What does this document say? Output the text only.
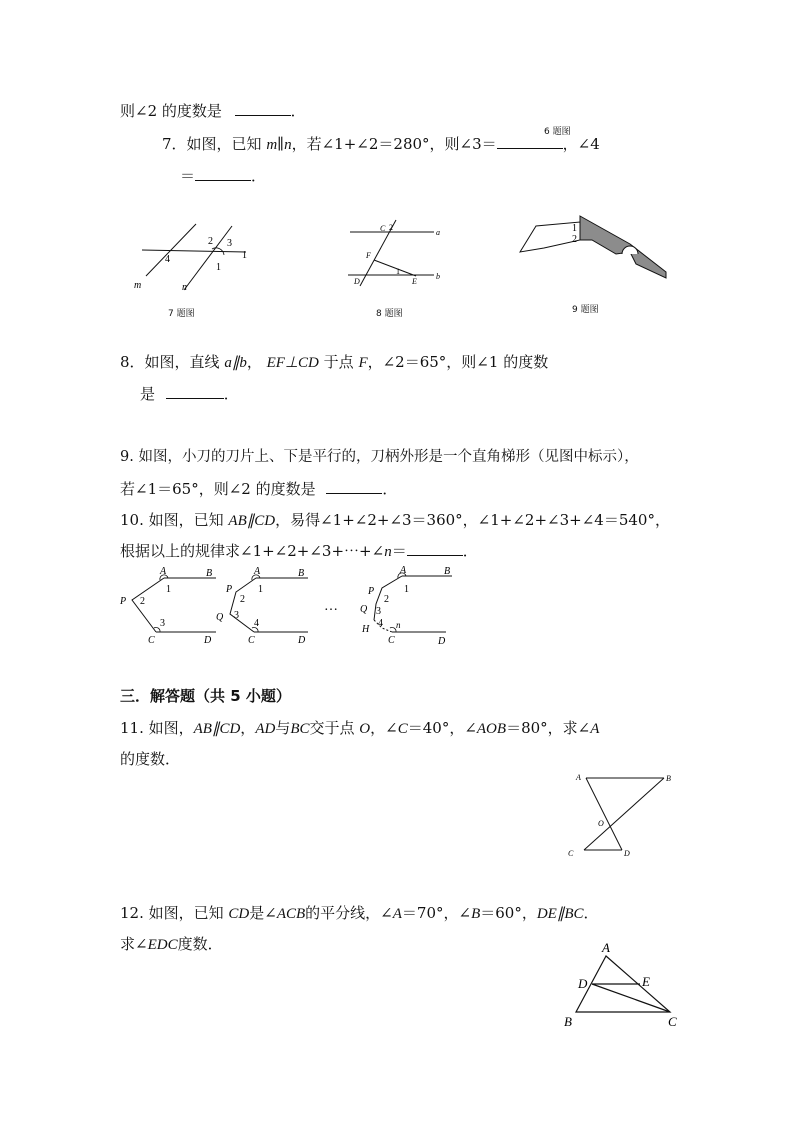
则∠2 的度数是	．
6 题图
7．如图，已知 m∥n，若∠1+∠2＝280°，则∠3＝	，∠4
＝	．
m	n
2 3
4
1
1
7 题图
C 2
a
F
D
1
E
b
8 题图
1
2
9 题图
8．如图，直线 a∥b， EF⊥CD 于点 F，∠2＝65°，则∠1 的度数
是	．
9. 如图，小刀的刀片上、下是平行的，刀柄外形是一个直角梯形（见图中标示），
若∠1＝65°，则∠2 的度数是	．
10. 如图，已知 AB∥CD，易得∠1+∠2+∠3＝360°，∠1+∠2+∠3+∠4＝540°，
根据以上的规律求∠1+∠2+∠3+⋯+∠n＝	．
A	B
P
1
2
3
C	D
A	B
P
Q
1
2
3
4
C	D
…
A	B
P
Q
H
1
2
3
4 n
C	D
三．解答题（共 5 小题）
11. 如图，AB∥CD，AD与BC交于点 O，∠C＝40°，∠AOB＝80°，求∠A
的度数．
A	B
O
C	D
12. 如图，已知 CD是∠ACB的平分线，∠A＝70°，∠B＝60°，DE∥BC．
求∠EDC度数．	A
D	E
B	C
